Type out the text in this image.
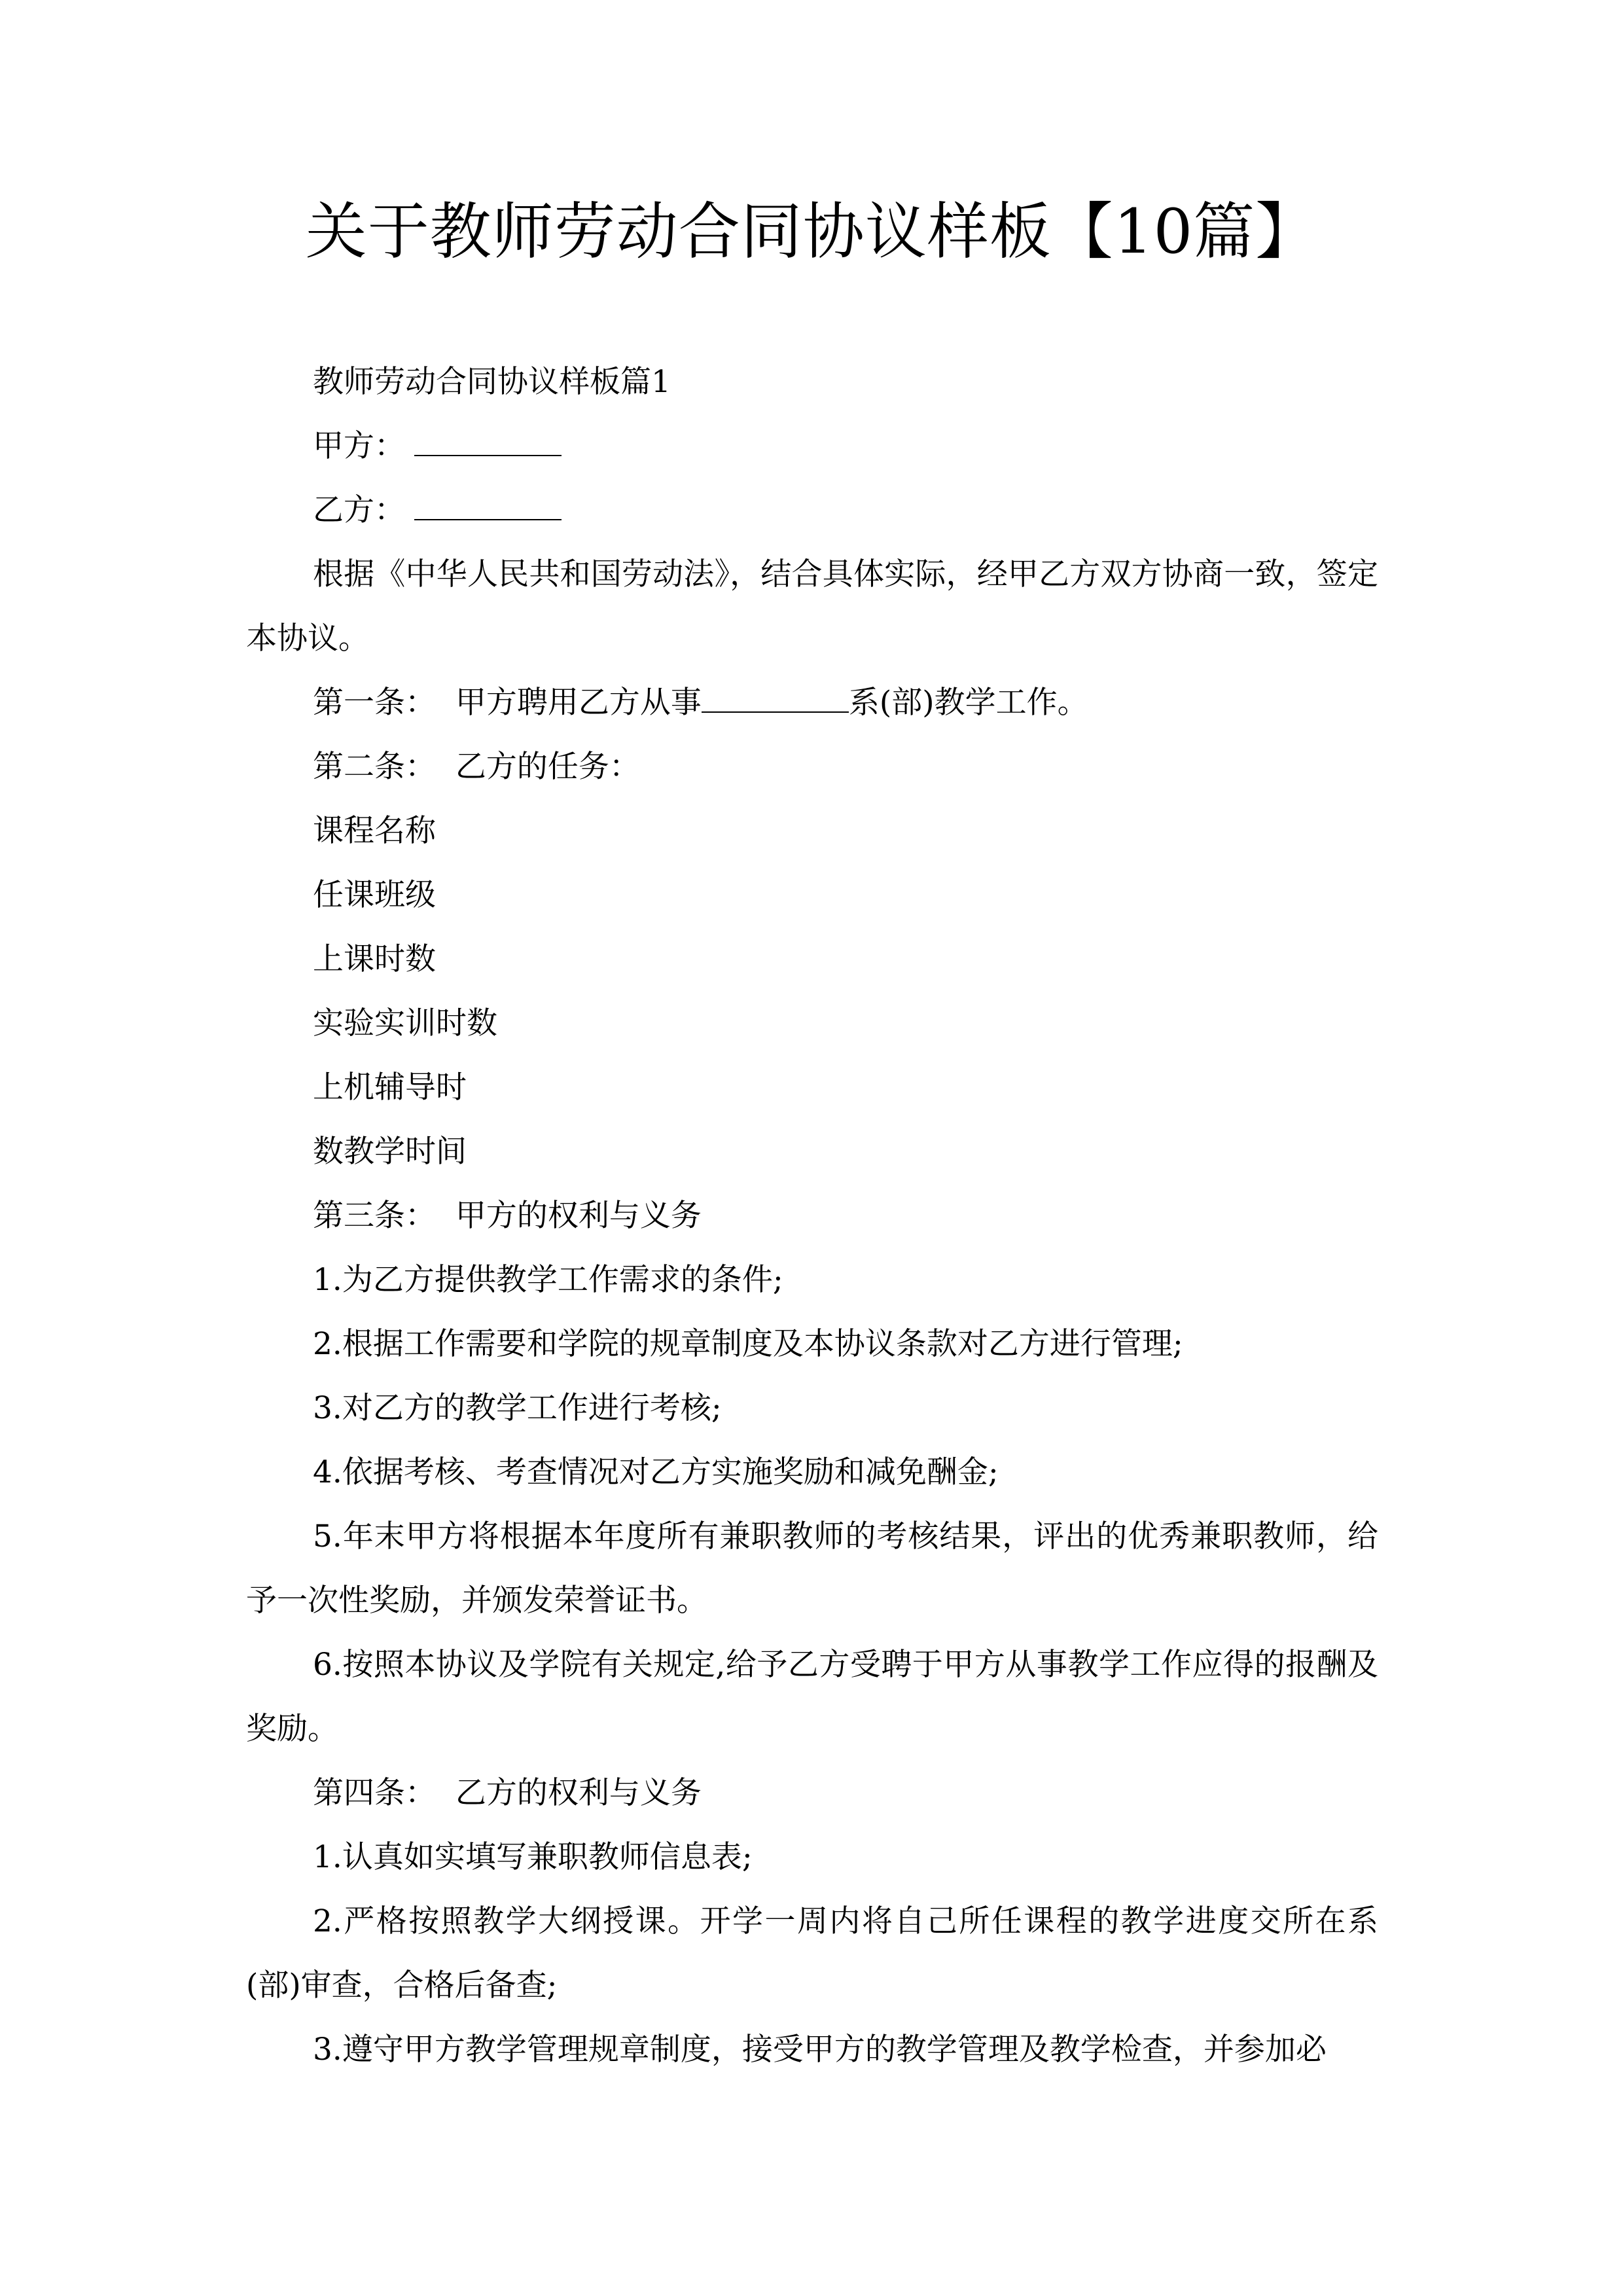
关于教师劳动合同协议样板【10篇】

教师劳动合同协议样板篇1

甲方：

乙方：

根据《中华人民共和国劳动法》，结合具体实际，经甲乙方双方协商一致，签定本协议。

第一条：  甲方聘用乙方从事	系(部)教学工作。

第二条：  乙方的任务：

课程名称

任课班级

上课时数

实验实训时数

上机辅导时

数教学时间

第三条：  甲方的权利与义务

1.为乙方提供教学工作需求的条件;

2.根据工作需要和学院的规章制度及本协议条款对乙方进行管理;

3.对乙方的教学工作进行考核;

4.依据考核、考查情况对乙方实施奖励和减免酬金;

5.年末甲方将根据本年度所有兼职教师的考核结果，评出的优秀兼职教师，给予一次性奖励，并颁发荣誉证书。

6.按照本协议及学院有关规定,给予乙方受聘于甲方从事教学工作应得的报酬及奖励。

第四条：  乙方的权利与义务

1.认真如实填写兼职教师信息表;

2.严格按照教学大纲授课。开学一周内将自己所任课程的教学进度交所在系(部)审查，合格后备查;

3.遵守甲方教学管理规章制度，接受甲方的教学管理及教学检查，并参加必
